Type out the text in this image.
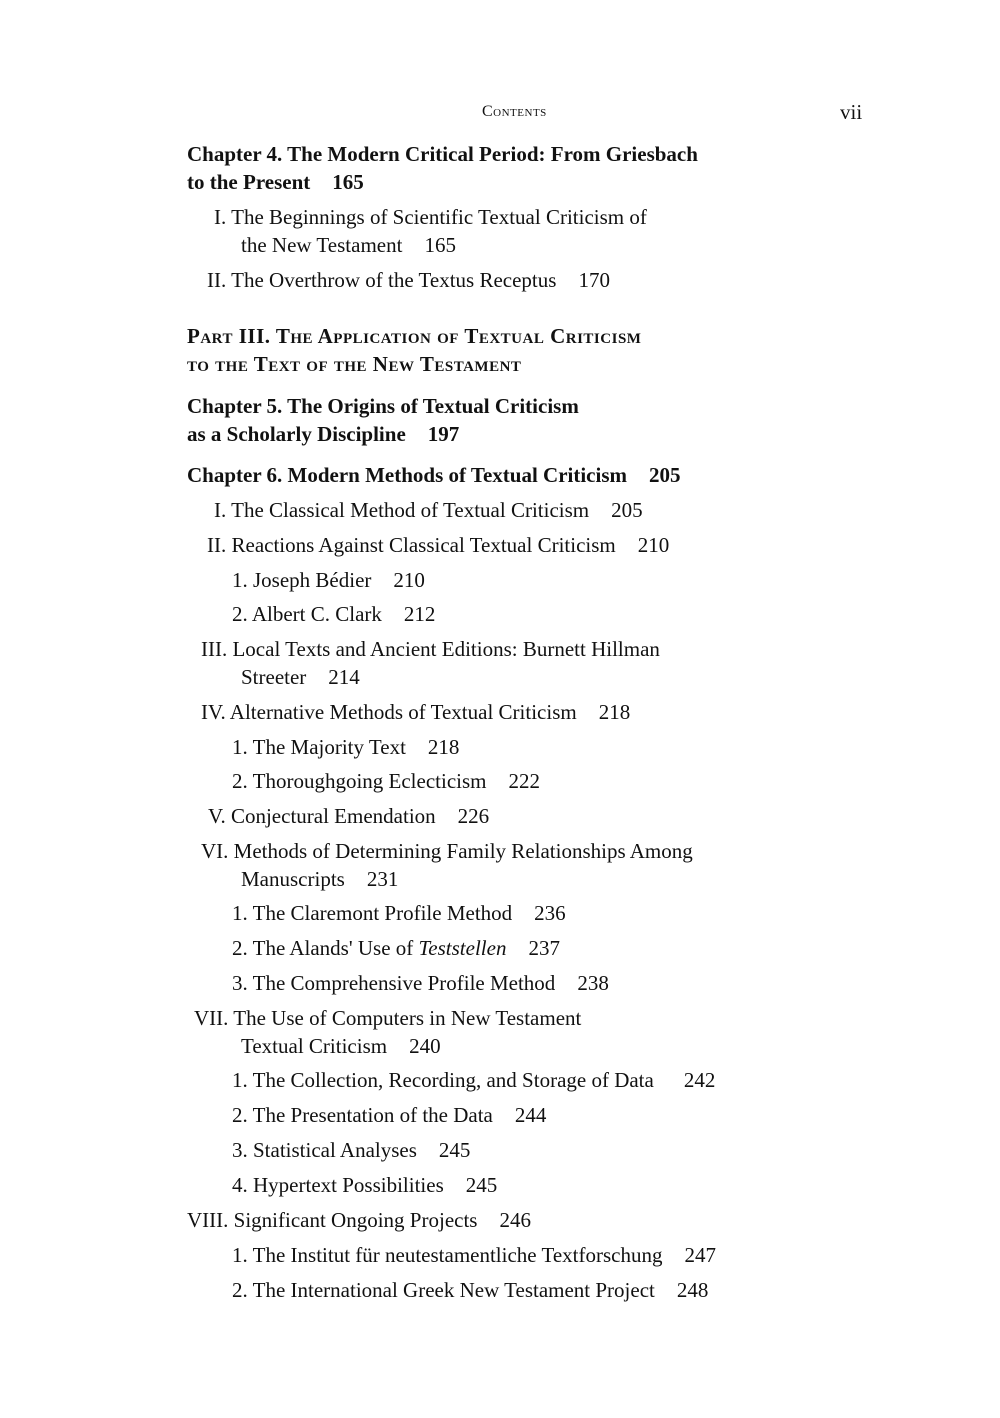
Contents	vii
Chapter 4. The Modern Critical Period: From Griesbach
to the Present 165
I. The Beginnings of Scientific Textual Criticism of
the New Testament 165
II. The Overthrow of the Textus Receptus 170
Part III. The Application of Textual Criticism
to the Text of the New Testament
Chapter 5. The Origins of Textual Criticism
as a Scholarly Discipline 197
Chapter 6. Modern Methods of Textual Criticism 205
I. The Classical Method of Textual Criticism 205
II. Reactions Against Classical Textual Criticism 210
1. Joseph Bédier 210
2. Albert C. Clark 212
III. Local Texts and Ancient Editions: Burnett Hillman
Streeter 214
IV. Alternative Methods of Textual Criticism 218
1. The Majority Text 218
2. Thoroughgoing Eclecticism 222
V. Conjectural Emendation 226
VI. Methods of Determining Family Relationships Among
Manuscripts 231
1. The Claremont Profile Method 236
2. The Alands' Use of Teststellen 237
3. The Comprehensive Profile Method 238
VII. The Use of Computers in New Testament
Textual Criticism 240
1. The Collection, Recording, and Storage of Data 242
2. The Presentation of the Data 244
3. Statistical Analyses 245
4. Hypertext Possibilities 245
VIII. Significant Ongoing Projects 246
1. The Institut für neutestamentliche Textforschung 247
2. The International Greek New Testament Project 248
